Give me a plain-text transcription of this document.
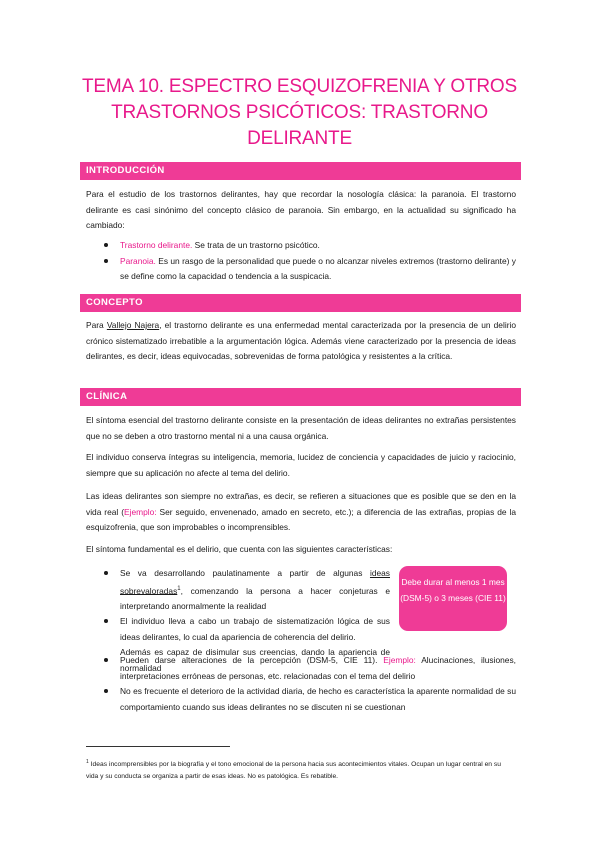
TEMA 10. ESPECTRO ESQUIZOFRENIA Y OTROS
TRASTORNOS PSICÓTICOS: TRASTORNO
DELIRANTE
INTRODUCCIÓN

Para el estudio de los trastornos delirantes, hay que recordar la nosología clásica: la paranoia. El trastorno delirante es casi sinónimo del concepto clásico de paranoia. Sin embargo, en la actualidad su significado ha cambiado:

Trastorno delirante. Se trata de un trastorno psicótico.
Paranoia. Es un rasgo de la personalidad que puede o no alcanzar niveles extremos (trastorno delirante) y se define como la capacidad o tendencia a la suspicacia.
CONCEPTO

Para Vallejo Najera, el trastorno delirante es una enfermedad mental caracterizada por la presencia de un delirio crónico sistematizado irrebatible a la argumentación lógica. Además viene caracterizado por la presencia de ideas delirantes, es decir, ideas equivocadas, sobrevenidas de forma patológica y resistentes a la crítica.

CLÍNICA

El síntoma esencial del trastorno delirante consiste en la presentación de ideas delirantes no extrañas persistentes que no se deben a otro trastorno mental ni a una causa orgánica.

El individuo conserva íntegras su inteligencia, memoria, lucidez de conciencia y capacidades de juicio y raciocinio, siempre que su aplicación no afecte al tema del delirio.

Las ideas delirantes son siempre no extrañas, es decir, se refieren a situaciones que es posible que se den en la vida real (Ejemplo: Ser seguido, envenenado, amado en secreto, etc.); a diferencia de las extrañas, propias de la esquizofrenia, que son improbables o incomprensibles.

El síntoma fundamental es el delirio, que cuenta con las siguientes características:

Se va desarrollando paulatinamente a partir de algunas ideas sobrevaloradas$^1$, comenzando la persona a hacer conjeturas e interpretando anormalmente la realidad
El individuo lleva a cabo un trabajo de sistematización lógica de sus ideas delirantes, lo cual da apariencia de coherencia del delirio.
Además es capaz de disimular sus creencias, dando la apariencia de normalidad
Pueden darse alteraciones de la percepción (DSM-5, CIE 11). Ejemplo: Alucinaciones, ilusiones, interpretaciones erróneas de personas, etc. relacionadas con el tema del delirio
No es frecuente el deterioro de la actividad diaria, de hecho es característica la aparente normalidad de su comportamiento cuando sus ideas delirantes no se discuten ni se cuestionan
Debe durar al menos 1 mes (DSM-5) o 3 meses (CIE 11)
$^1$ Ideas incomprensibles por la biografía y el tono emocional de la persona hacia sus acontecimientos vitales. Ocupan un lugar central en su vida y su conducta se organiza a partir de esas ideas. No es patológica. Es rebatible.
